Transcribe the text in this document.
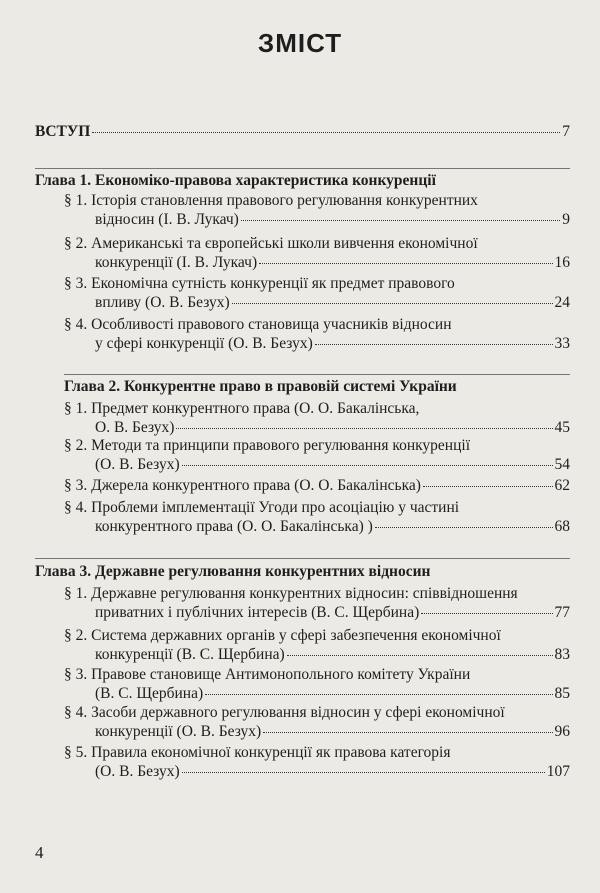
ЗМІСТ
ВСТУП	7
Глава 1. Економіко-правова характеристика конкуренції
§ 1. Історія становлення правового регулювання конкурентних
відносин (І. В. Лукач)	9
§ 2. Американські та європейські школи вивчення економічної
конкуренції (І. В. Лукач)	16
§ 3. Економічна сутність конкуренції як предмет правового
впливу (О. В. Безух)	24
§ 4. Особливості правового становища учасників відносин
у сфері конкуренції (О. В. Безух)	33
Глава 2. Конкурентне право в правовій системі України
§ 1. Предмет конкурентного права (О. О. Бакалінська,
О. В. Безух)	45
§ 2. Методи та принципи правового регулювання конкуренції
(О. В. Безух)	54
§ 3. Джерела конкурентного права (О. О. Бакалінська)	62
§ 4. Проблеми імплементації Угоди про асоціацію у частині
конкурентного права (О. О. Бакалінська) )	68
Глава 3. Державне регулювання конкурентних відносин
§ 1. Державне регулювання конкурентних відносин: співвідношення
приватних і публічних інтересів (В. С. Щербина)	77
§ 2. Система державних органів у сфері забезпечення економічної
конкуренції (В. С. Щербина)	83
§ 3. Правове становище Антимонопольного комітету України
(В. С. Щербина)	85
§ 4. Засоби державного регулювання відносин у сфері економічної
конкуренції (О. В. Безух)	96
§ 5. Правила економічної конкуренції як правова категорія
(О. В. Безух)	107
4
